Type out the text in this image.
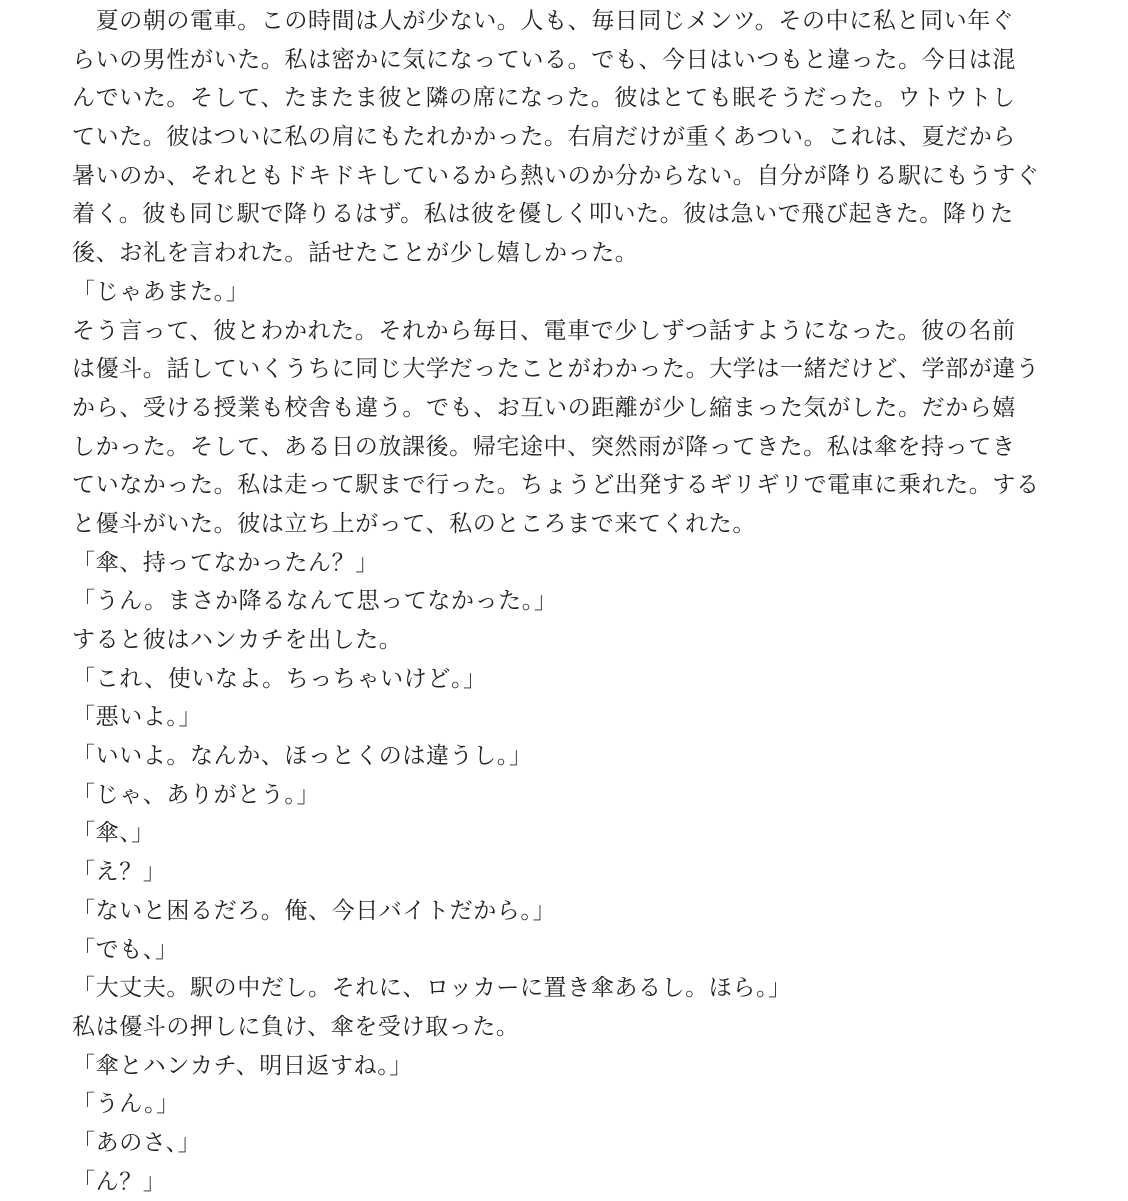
　夏の朝の電車。この時間は人が少ない。人も、毎日同じメンツ。その中に私と同い年ぐ
らいの男性がいた。私は密かに気になっている。でも、今日はいつもと違った。今日は混
んでいた。そして、たまたま彼と隣の席になった。彼はとても眠そうだった。ウトウトし
ていた。彼はついに私の肩にもたれかかった。右肩だけが重くあつい。これは、夏だから
暑いのか、それともドキドキしているから熱いのか分からない。自分が降りる駅にもうすぐ
着く。彼も同じ駅で降りるはず。私は彼を優しく叩いた。彼は急いで飛び起きた。降りた
後、お礼を言われた。話せたことが少し嬉しかった。
「じゃあまた。」
そう言って、彼とわかれた。それから毎日、電車で少しずつ話すようになった。彼の名前
は優斗。話していくうちに同じ大学だったことがわかった。大学は一緒だけど、学部が違う
から、受ける授業も校舎も違う。でも、お互いの距離が少し縮まった気がした。だから嬉
しかった。そして、ある日の放課後。帰宅途中、突然雨が降ってきた。私は傘を持ってき
ていなかった。私は走って駅まで行った。ちょうど出発するギリギリで電車に乗れた。する
と優斗がいた。彼は立ち上がって、私のところまで来てくれた。
「傘、持ってなかったん？」
「うん。まさか降るなんて思ってなかった。」
すると彼はハンカチを出した。
「これ、使いなよ。ちっちゃいけど。」
「悪いよ。」
「いいよ。なんか、ほっとくのは違うし。」
「じゃ、ありがとう。」
「傘、」
「え？」
「ないと困るだろ。俺、今日バイトだから。」
「でも、」
「大丈夫。駅の中だし。それに、ロッカーに置き傘あるし。ほら。」
私は優斗の押しに負け、傘を受け取った。
「傘とハンカチ、明日返すね。」
「うん。」
「あのさ、」
「ん？」
